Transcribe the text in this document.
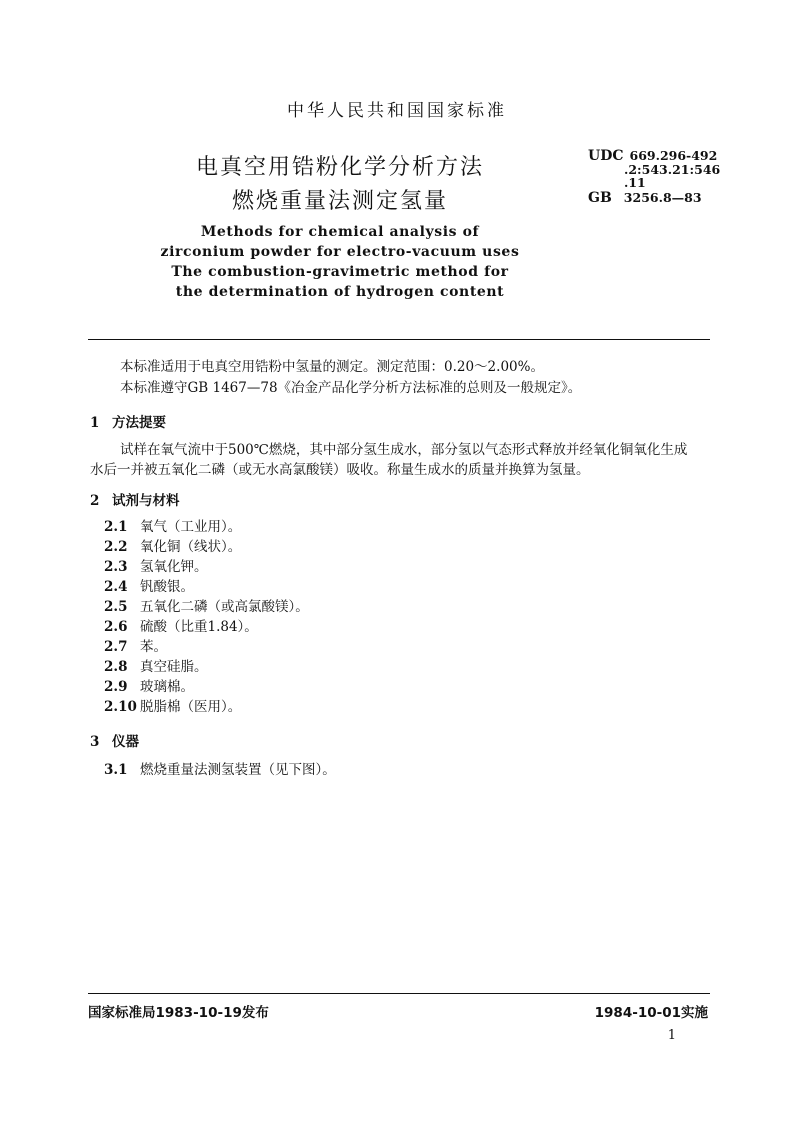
中华人民共和国国家标准
电真空用锆粉化学分析方法
燃烧重量法测定氢量
Methods for chemical analysis of
zirconium powder for electro-vacuum uses
The combustion-gravimetric method for
the determination of hydrogen content
UDC 669.296-492
.2:543.21:546
.11
GB 3256.8—83
本标准适用于电真空用锆粉中氢量的测定。测定范围：0.20～2.00%。
本标准遵守GB 1467—78《冶金产品化学分析方法标准的总则及一般规定》。
1 方法提要
试样在氧气流中于500℃燃烧，其中部分氢生成水，部分氢以气态形式释放并经氧化铜氧化生成
水后一并被五氧化二磷（或无水高氯酸镁）吸收。称量生成水的质量并换算为氢量。
2 试剂与材料
2.1 氧气（工业用）。
2.2 氧化铜（线状）。
2.3 氢氧化钾。
2.4 钒酸银。
2.5 五氧化二磷（或高氯酸镁）。
2.6 硫酸（比重1.84）。
2.7 苯。
2.8 真空硅脂。
2.9 玻璃棉。
2.10 脱脂棉（医用）。
3 仪器
3.1 燃烧重量法测氢装置（见下图）。
国家标准局1983-10-19发布	1984-10-01实施
1
